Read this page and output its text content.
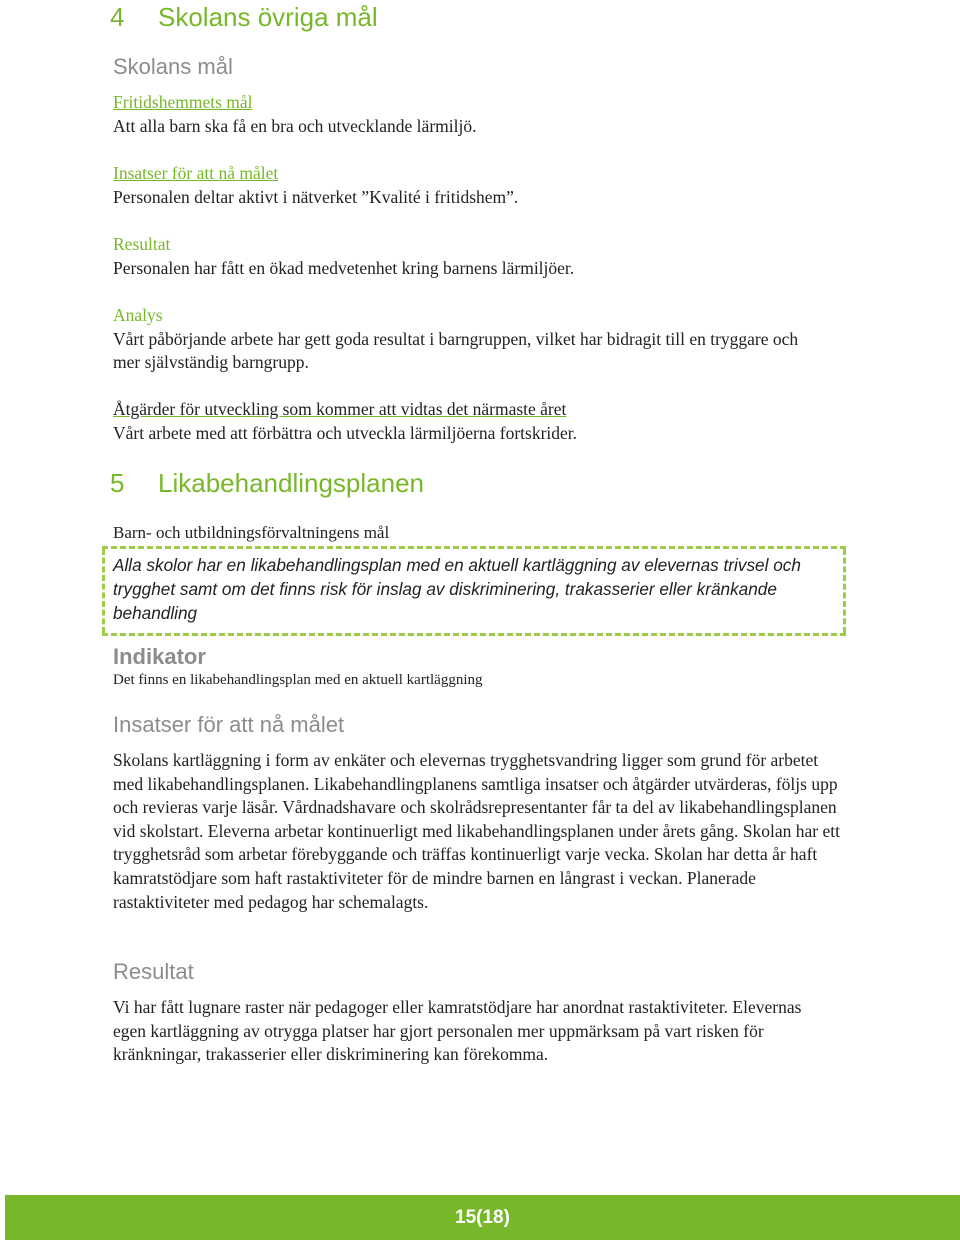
4 Skolans övriga mål
Skolans mål
Fritidshemmets mål
Att alla barn ska få en bra och utvecklande lärmiljö.
Insatser för att nå målet
Personalen deltar aktivt i nätverket ”Kvalité i fritidshem”.
Resultat
Personalen har fått en ökad medvetenhet kring barnens lärmiljöer.
Analys
Vårt påbörjande arbete har gett goda resultat i barngruppen, vilket har bidragit till en tryggare och mer självständig barngrupp.
Åtgärder för utveckling som kommer att vidtas det närmaste året
Vårt arbete med att förbättra och utveckla lärmiljöerna fortskrider.
5 Likabehandlingsplanen
Barn- och utbildningsförvaltningens mål
Indikator
Det finns en likabehandlingsplan med en aktuell kartläggning
Insatser för att nå målet
Skolans kartläggning i form av enkäter och elevernas trygghetsvandring ligger som grund för arbetet med likabehandlingsplanen. Likabehandlingplanens samtliga insatser och åtgärder utvärderas, följs upp och revieras varje läsår. Vårdnadshavare och skolrådsrepresentanter får ta del av likabehandlingsplanen vid skolstart. Eleverna arbetar kontinuerligt med likabehandlingsplanen under årets gång. Skolan har ett trygghetsråd som arbetar förebyggande och träffas kontinuerligt varje vecka. Skolan har detta år haft kamratstödjare som haft rastaktiviteter för de mindre barnen en långrast i veckan. Planerade rastaktiviteter med pedagog har schemalagts.
Resultat
Vi har fått lugnare raster när pedagoger eller kamratstödjare har anordnat rastaktiviteter. Elevernas egen kartläggning av otrygga platser har gjort personalen mer uppmärksam på vart risken för kränkningar, trakasserier eller diskriminering kan förekomma.
Alla skolor har en likabehandlingsplan med en aktuell kartläggning av elevernas trivsel och trygghet samt om det finns risk för inslag av diskriminering, trakasserier eller kränkande behandling
15(18)
